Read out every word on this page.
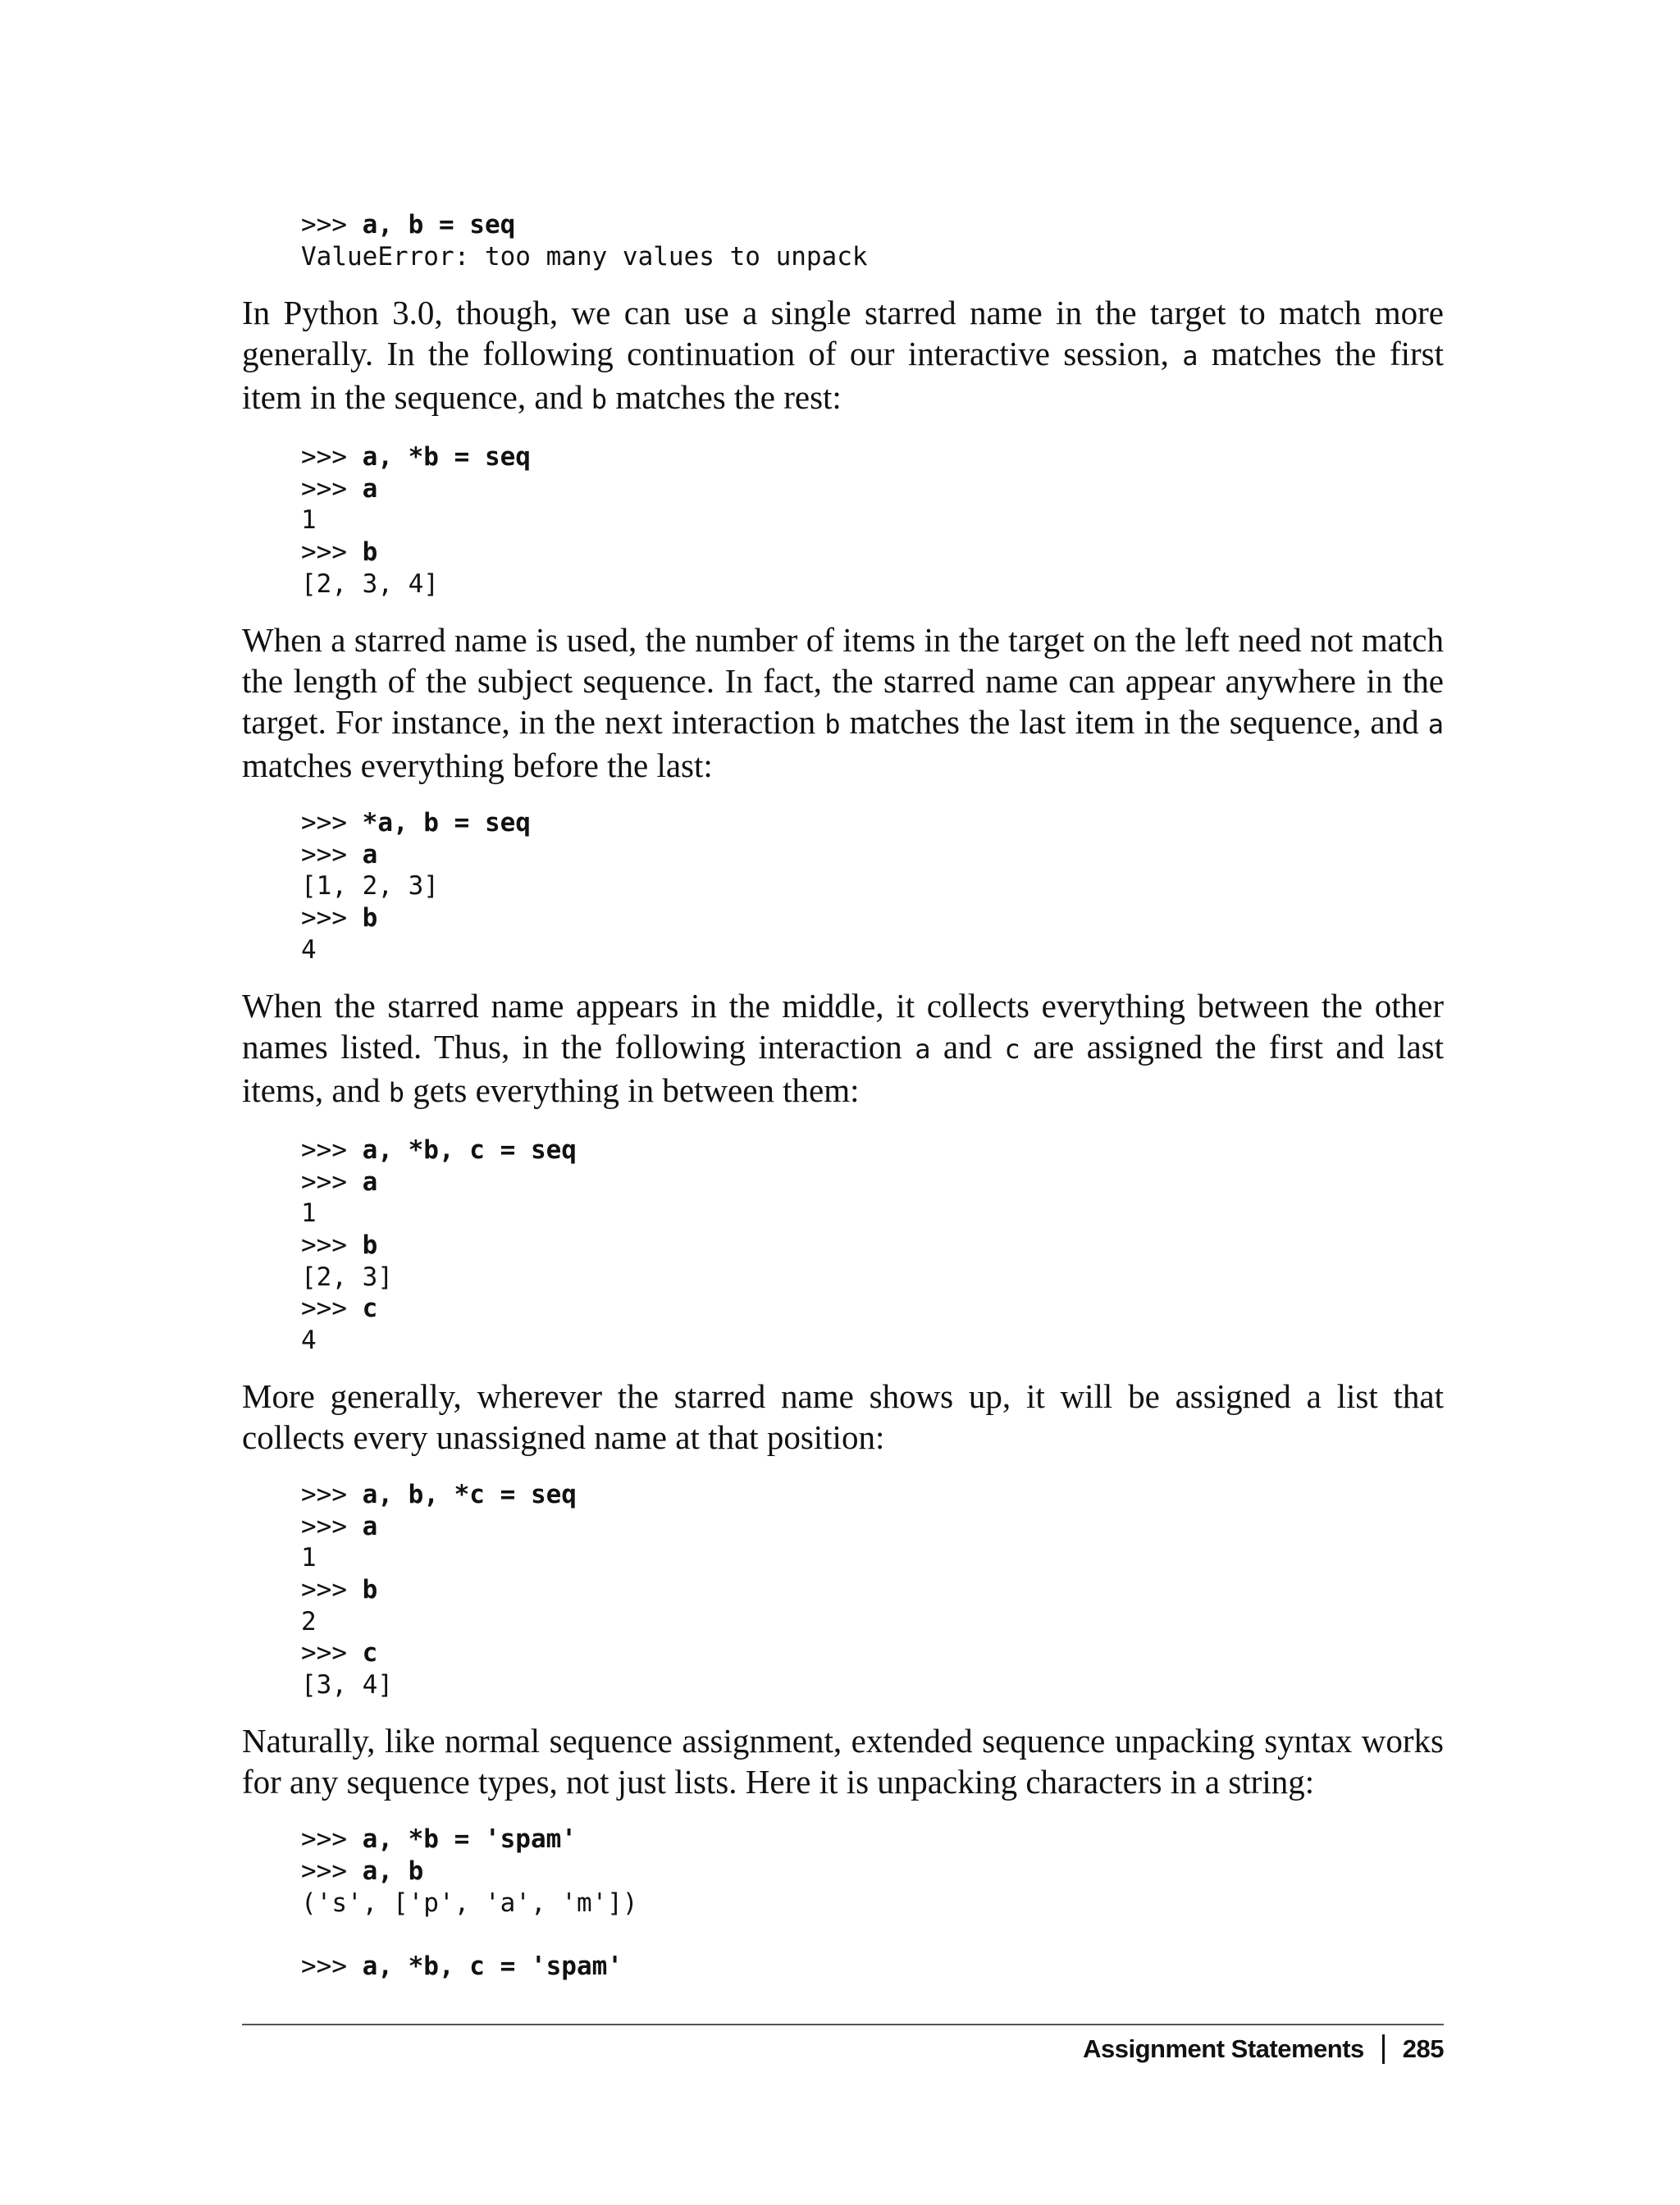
>>> a, b = seq
ValueError: too many values to unpack

In Python 3.0, though, we can use a single starred name in the target to match more generally. In the following continuation of our interactive session, a matches the first item in the sequence, and b matches the rest:

>>> a, *b = seq
>>> a
1
>>> b
[2, 3, 4]

When a starred name is used, the number of items in the target on the left need not match the length of the subject sequence. In fact, the starred name can appear anywhere in the target. For instance, in the next interaction b matches the last item in the sequence, and a matches everything before the last:

>>> *a, b = seq
>>> a
[1, 2, 3]
>>> b
4

When the starred name appears in the middle, it collects everything between the other names listed. Thus, in the following interaction a and c are assigned the first and last items, and b gets everything in between them:

>>> a, *b, c = seq
>>> a
1
>>> b
[2, 3]
>>> c
4

More generally, wherever the starred name shows up, it will be assigned a list that collects every unassigned name at that position:

>>> a, b, *c = seq
>>> a
1
>>> b
2
>>> c
[3, 4]

Naturally, like normal sequence assignment, extended sequence unpacking syntax works for any sequence types, not just lists. Here it is unpacking characters in a string:

>>> a, *b = 'spam'
>>> a, b
('s', ['p', 'a', 'm'])
>>> a, *b, c = 'spam'
Assignment Statements 285
